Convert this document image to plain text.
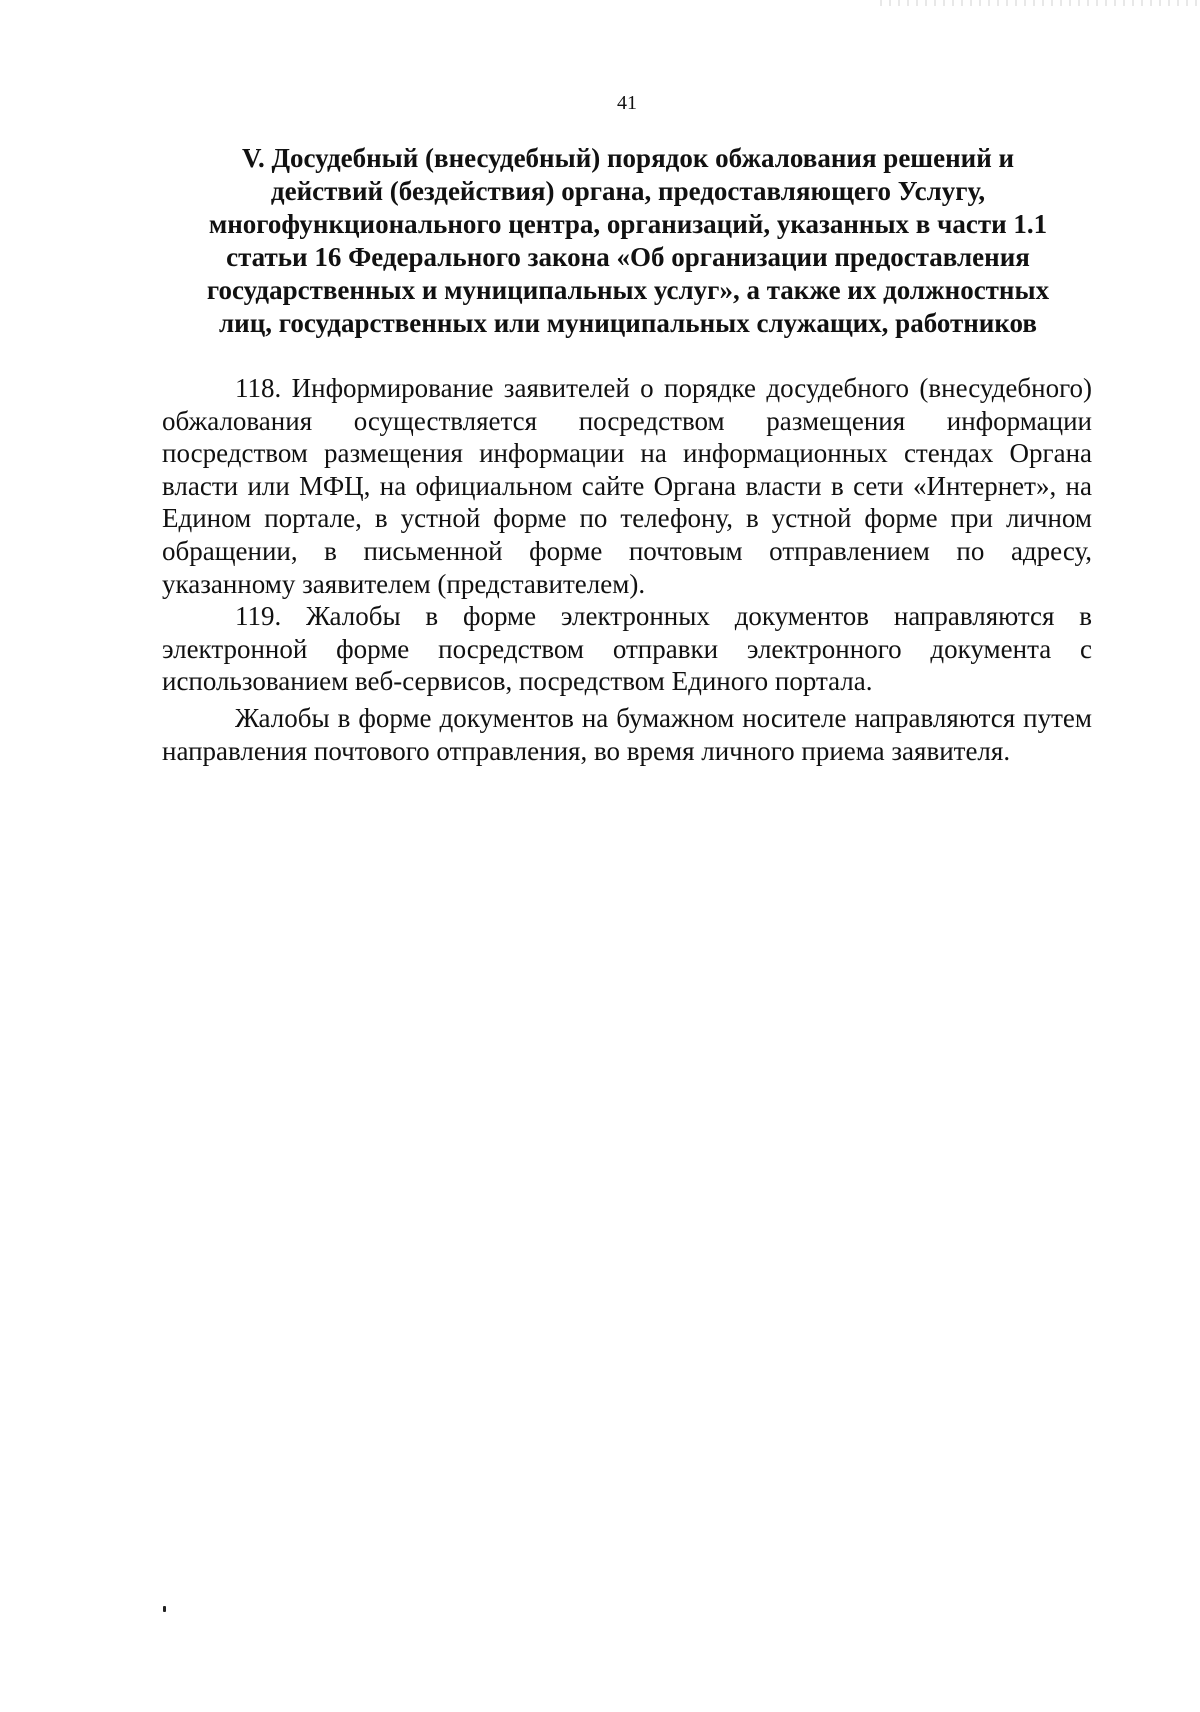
41
V. Досудебный (внесудебный) порядок обжалования решений и
действий (бездействия) органа, предоставляющего Услугу,
многофункционального центра, организаций, указанных в части 1.1
статьи 16 Федерального закона «Об организации предоставления
государственных и муниципальных услуг», а также их должностных
лиц, государственных или муниципальных служащих, работников

118. Информирование заявителей о порядке досудебного (внесудебного) обжалования осуществляется посредством размещения информации посредством размещения информации на информационных стендах Органа власти или МФЦ, на официальном сайте Органа власти в сети «Интернет», на Едином портале, в устной форме по телефону, в устной форме при личном обращении, в письменной форме почтовым отправлением по адресу, указанному заявителем (представителем).

119. Жалобы в форме электронных документов направляются в электронной форме посредством отправки электронного документа с использованием веб-сервисов, посредством Единого портала.

Жалобы в форме документов на бумажном носителе направляются путем направления почтового отправления, во время личного приема заявителя.
